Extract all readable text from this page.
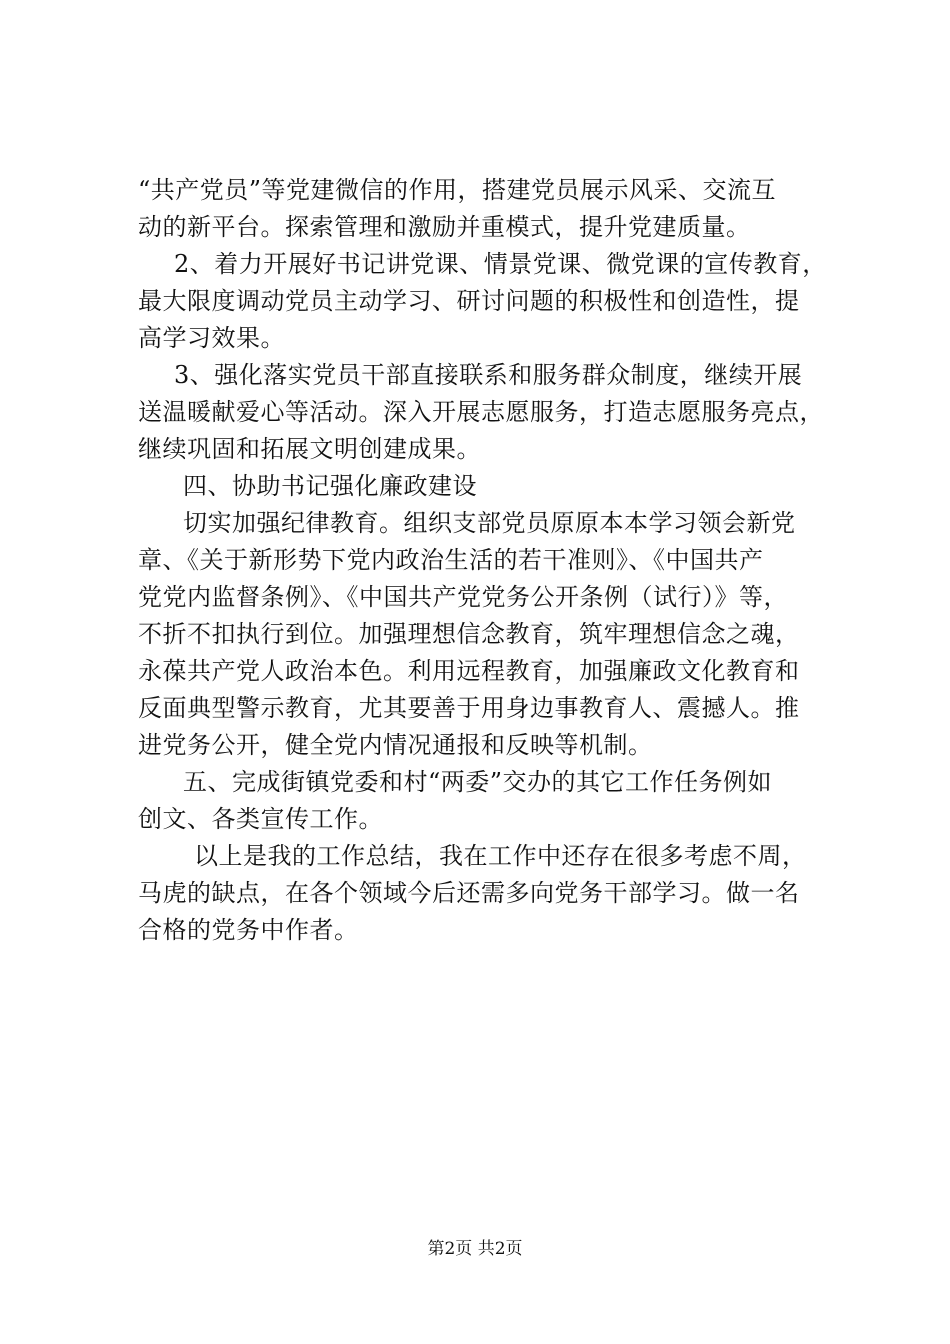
“共产党员”等党建微信的作用，搭建党员展示风采、交流互
动的新平台。探索管理和激励并重模式，提升党建质量。
2、着力开展好书记讲党课、情景党课、微党课的宣传教育，
最大限度调动党员主动学习、研讨问题的积极性和创造性，提
高学习效果。
3、强化落实党员干部直接联系和服务群众制度，继续开展
送温暖献爱心等活动。深入开展志愿服务，打造志愿服务亮点，
继续巩固和拓展文明创建成果。
四、协助书记强化廉政建设
切实加强纪律教育。组织支部党员原原本本学习领会新党
章、《关于新形势下党内政治生活的若干准则》、《中国共产
党党内监督条例》、《中国共产党党务公开条例（试行）》等，
不折不扣执行到位。加强理想信念教育，筑牢理想信念之魂，
永葆共产党人政治本色。利用远程教育，加强廉政文化教育和
反面典型警示教育，尤其要善于用身边事教育人、震撼人。推
进党务公开，健全党内情况通报和反映等机制。
五、完成街镇党委和村“两委”交办的其它工作任务例如
创文、各类宣传工作。
以上是我的工作总结，我在工作中还存在很多考虑不周，
马虎的缺点，在各个领域今后还需多向党务干部学习。做一名
合格的党务中作者。
第2页 共2页
